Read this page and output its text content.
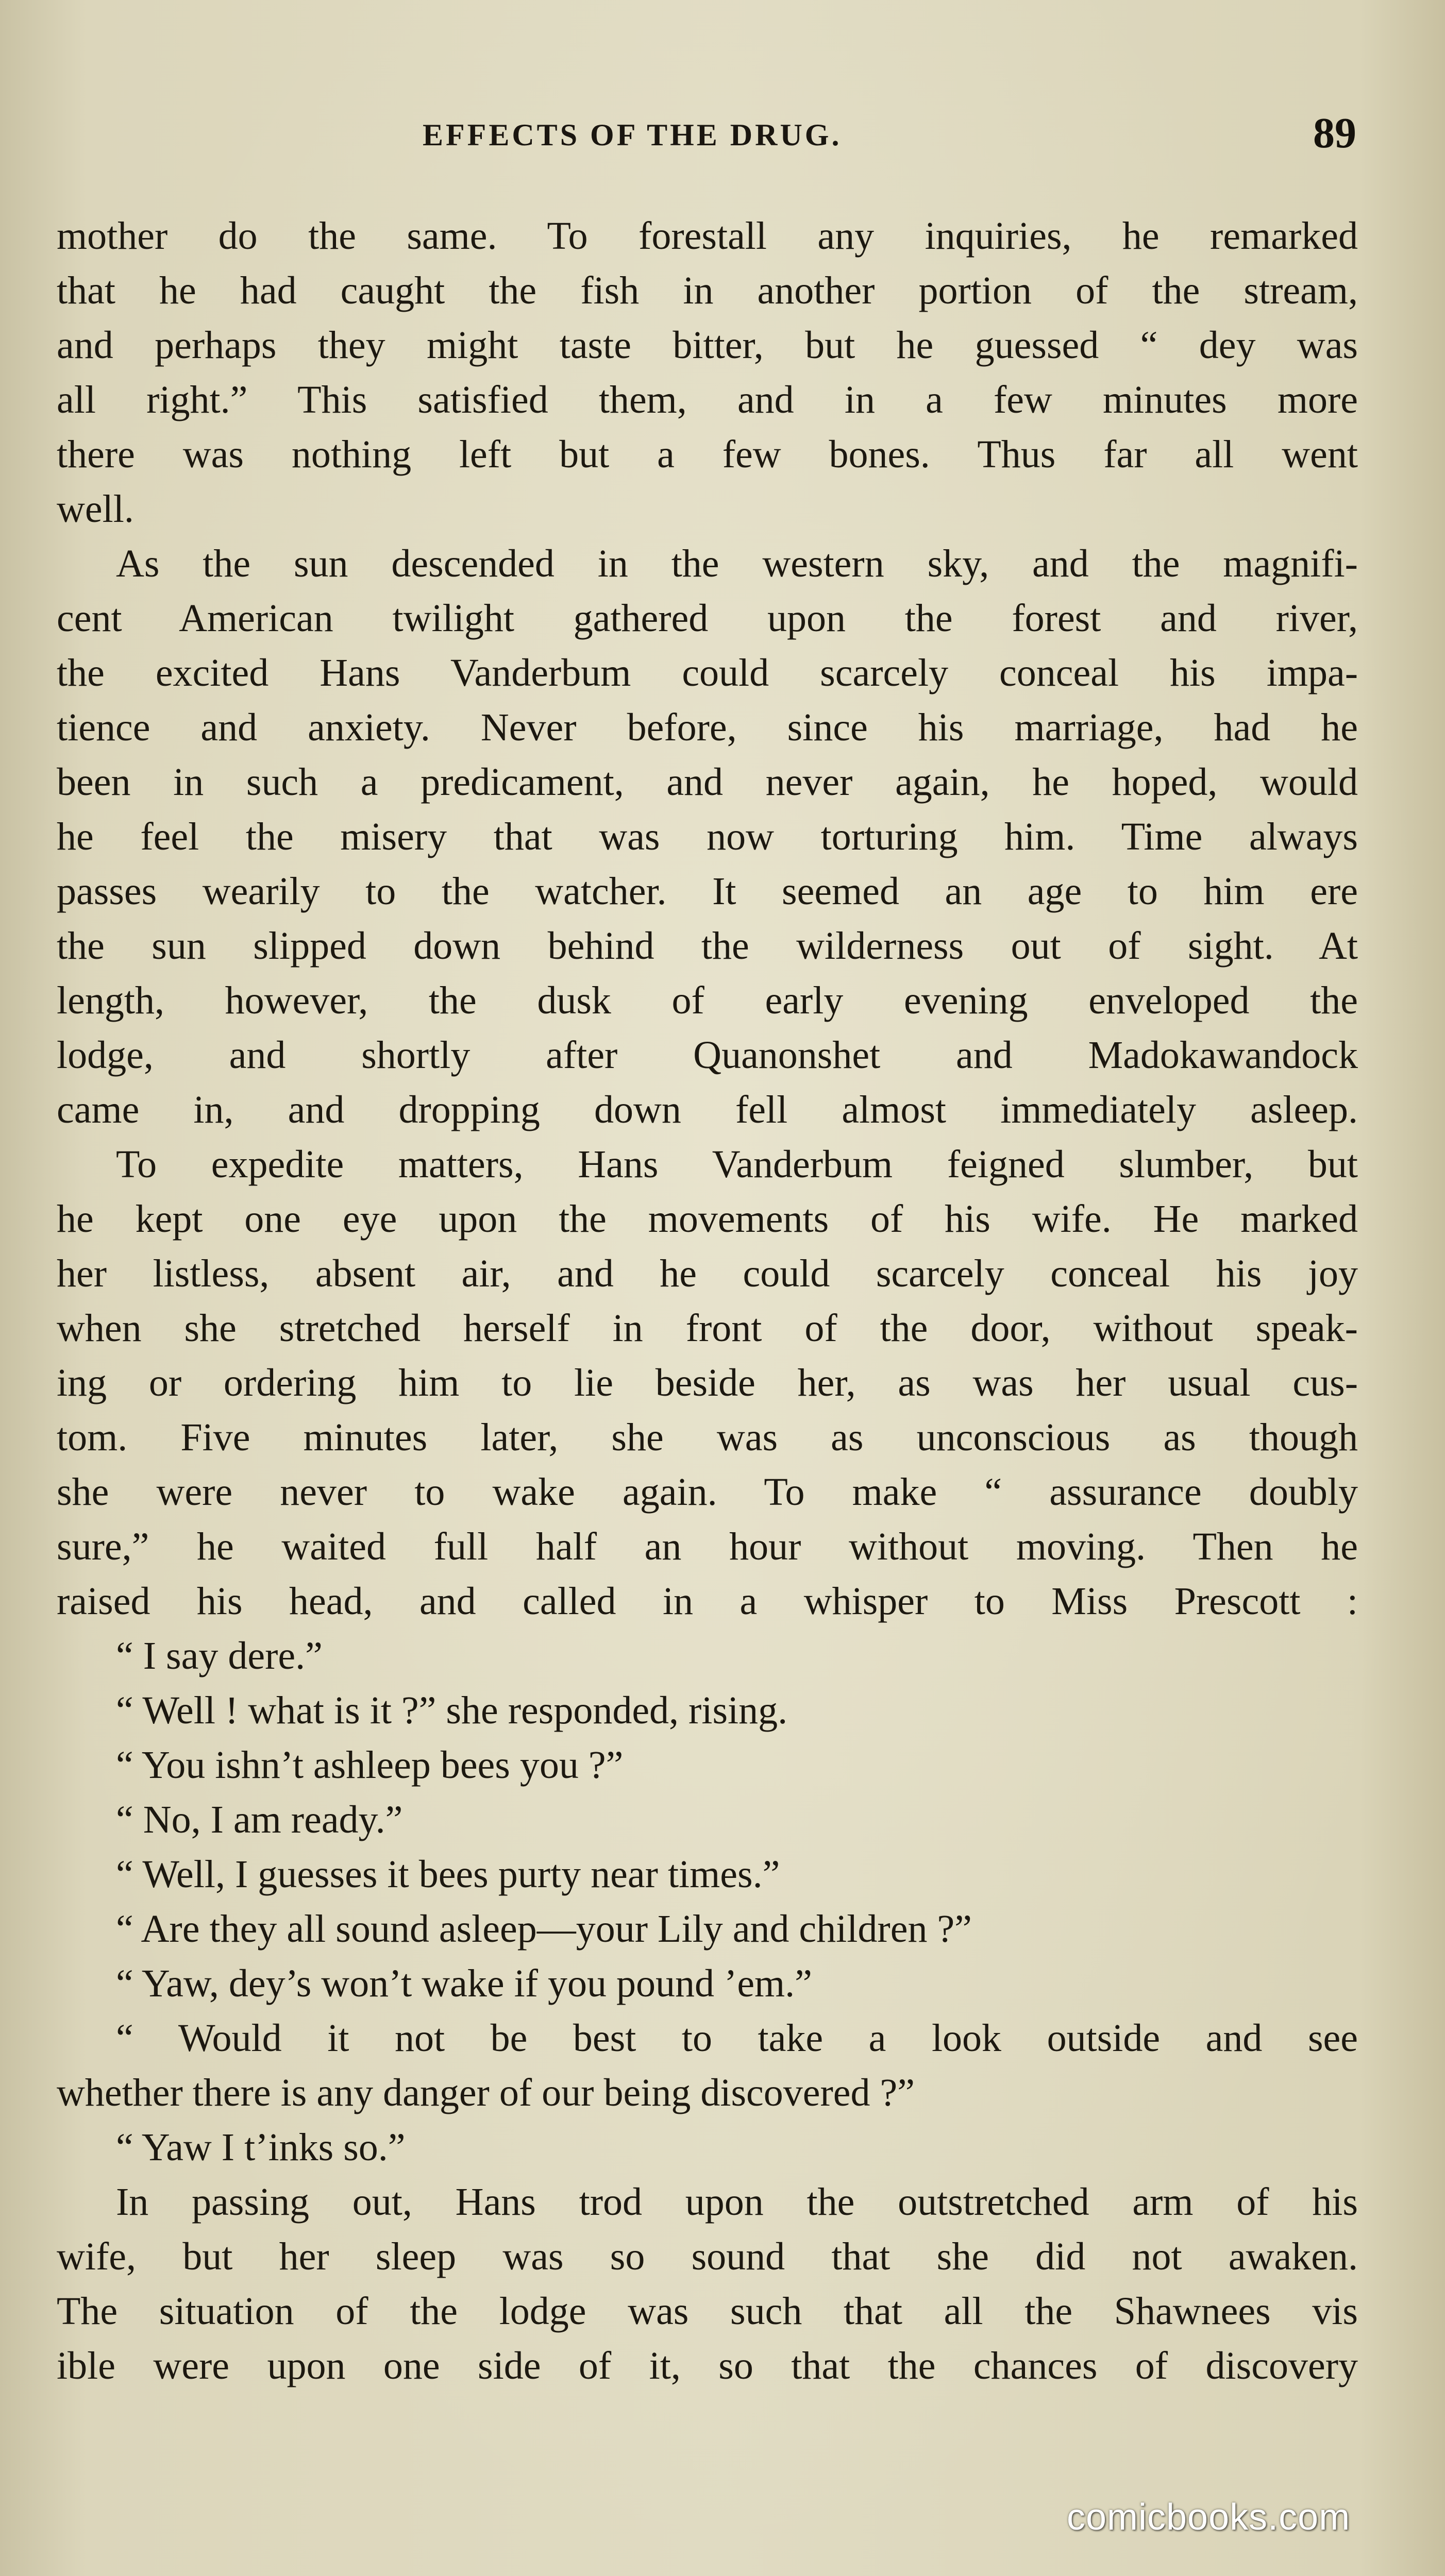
EFFECTS OF THE DRUG.	89
mother do the same. To forestall any inquiries, he remarked
that he had caught the fish in another portion of the stream,
and perhaps they might taste bitter, but he guessed “ dey was
all right.” This satisfied them, and in a few minutes more
there was nothing left but a few bones. Thus far all went
well.
As the sun descended in the western sky, and the magnifi-
cent American twilight gathered upon the forest and river,
the excited Hans Vanderbum could scarcely conceal his impa-
tience and anxiety. Never before, since his marriage, had he
been in such a predicament, and never again, he hoped, would
he feel the misery that was now torturing him. Time always
passes wearily to the watcher. It seemed an age to him ere
the sun slipped down behind the wilderness out of sight. At
length, however, the dusk of early evening enveloped the
lodge, and shortly after Quanonshet and Madokawandock
came in, and dropping down fell almost immediately asleep.
To expedite matters, Hans Vanderbum feigned slumber, but
he kept one eye upon the movements of his wife. He marked
her listless, absent air, and he could scarcely conceal his joy
when she stretched herself in front of the door, without speak-
ing or ordering him to lie beside her, as was her usual cus-
tom. Five minutes later, she was as unconscious as though
she were never to wake again. To make “ assurance doubly
sure,” he waited full half an hour without moving. Then he
raised his head, and called in a whisper to Miss Prescott :
“ I say dere.”
“ Well ! what is it ?” she responded, rising.
“ You ishn’t ashleep bees you ?”
“ No, I am ready.”
“ Well, I guesses it bees purty near times.”
“ Are they all sound asleep—your Lily and children ?”
“ Yaw, dey’s won’t wake if you pound ’em.”
“ Would it not be best to take a look outside and see
whether there is any danger of our being discovered ?”
“ Yaw I t’inks so.”
In passing out, Hans trod upon the outstretched arm of his
wife, but her sleep was so sound that she did not awaken.
The situation of the lodge was such that all the Shawnees vis
ible were upon one side of it, so that the chances of discovery
comicbooks.com
